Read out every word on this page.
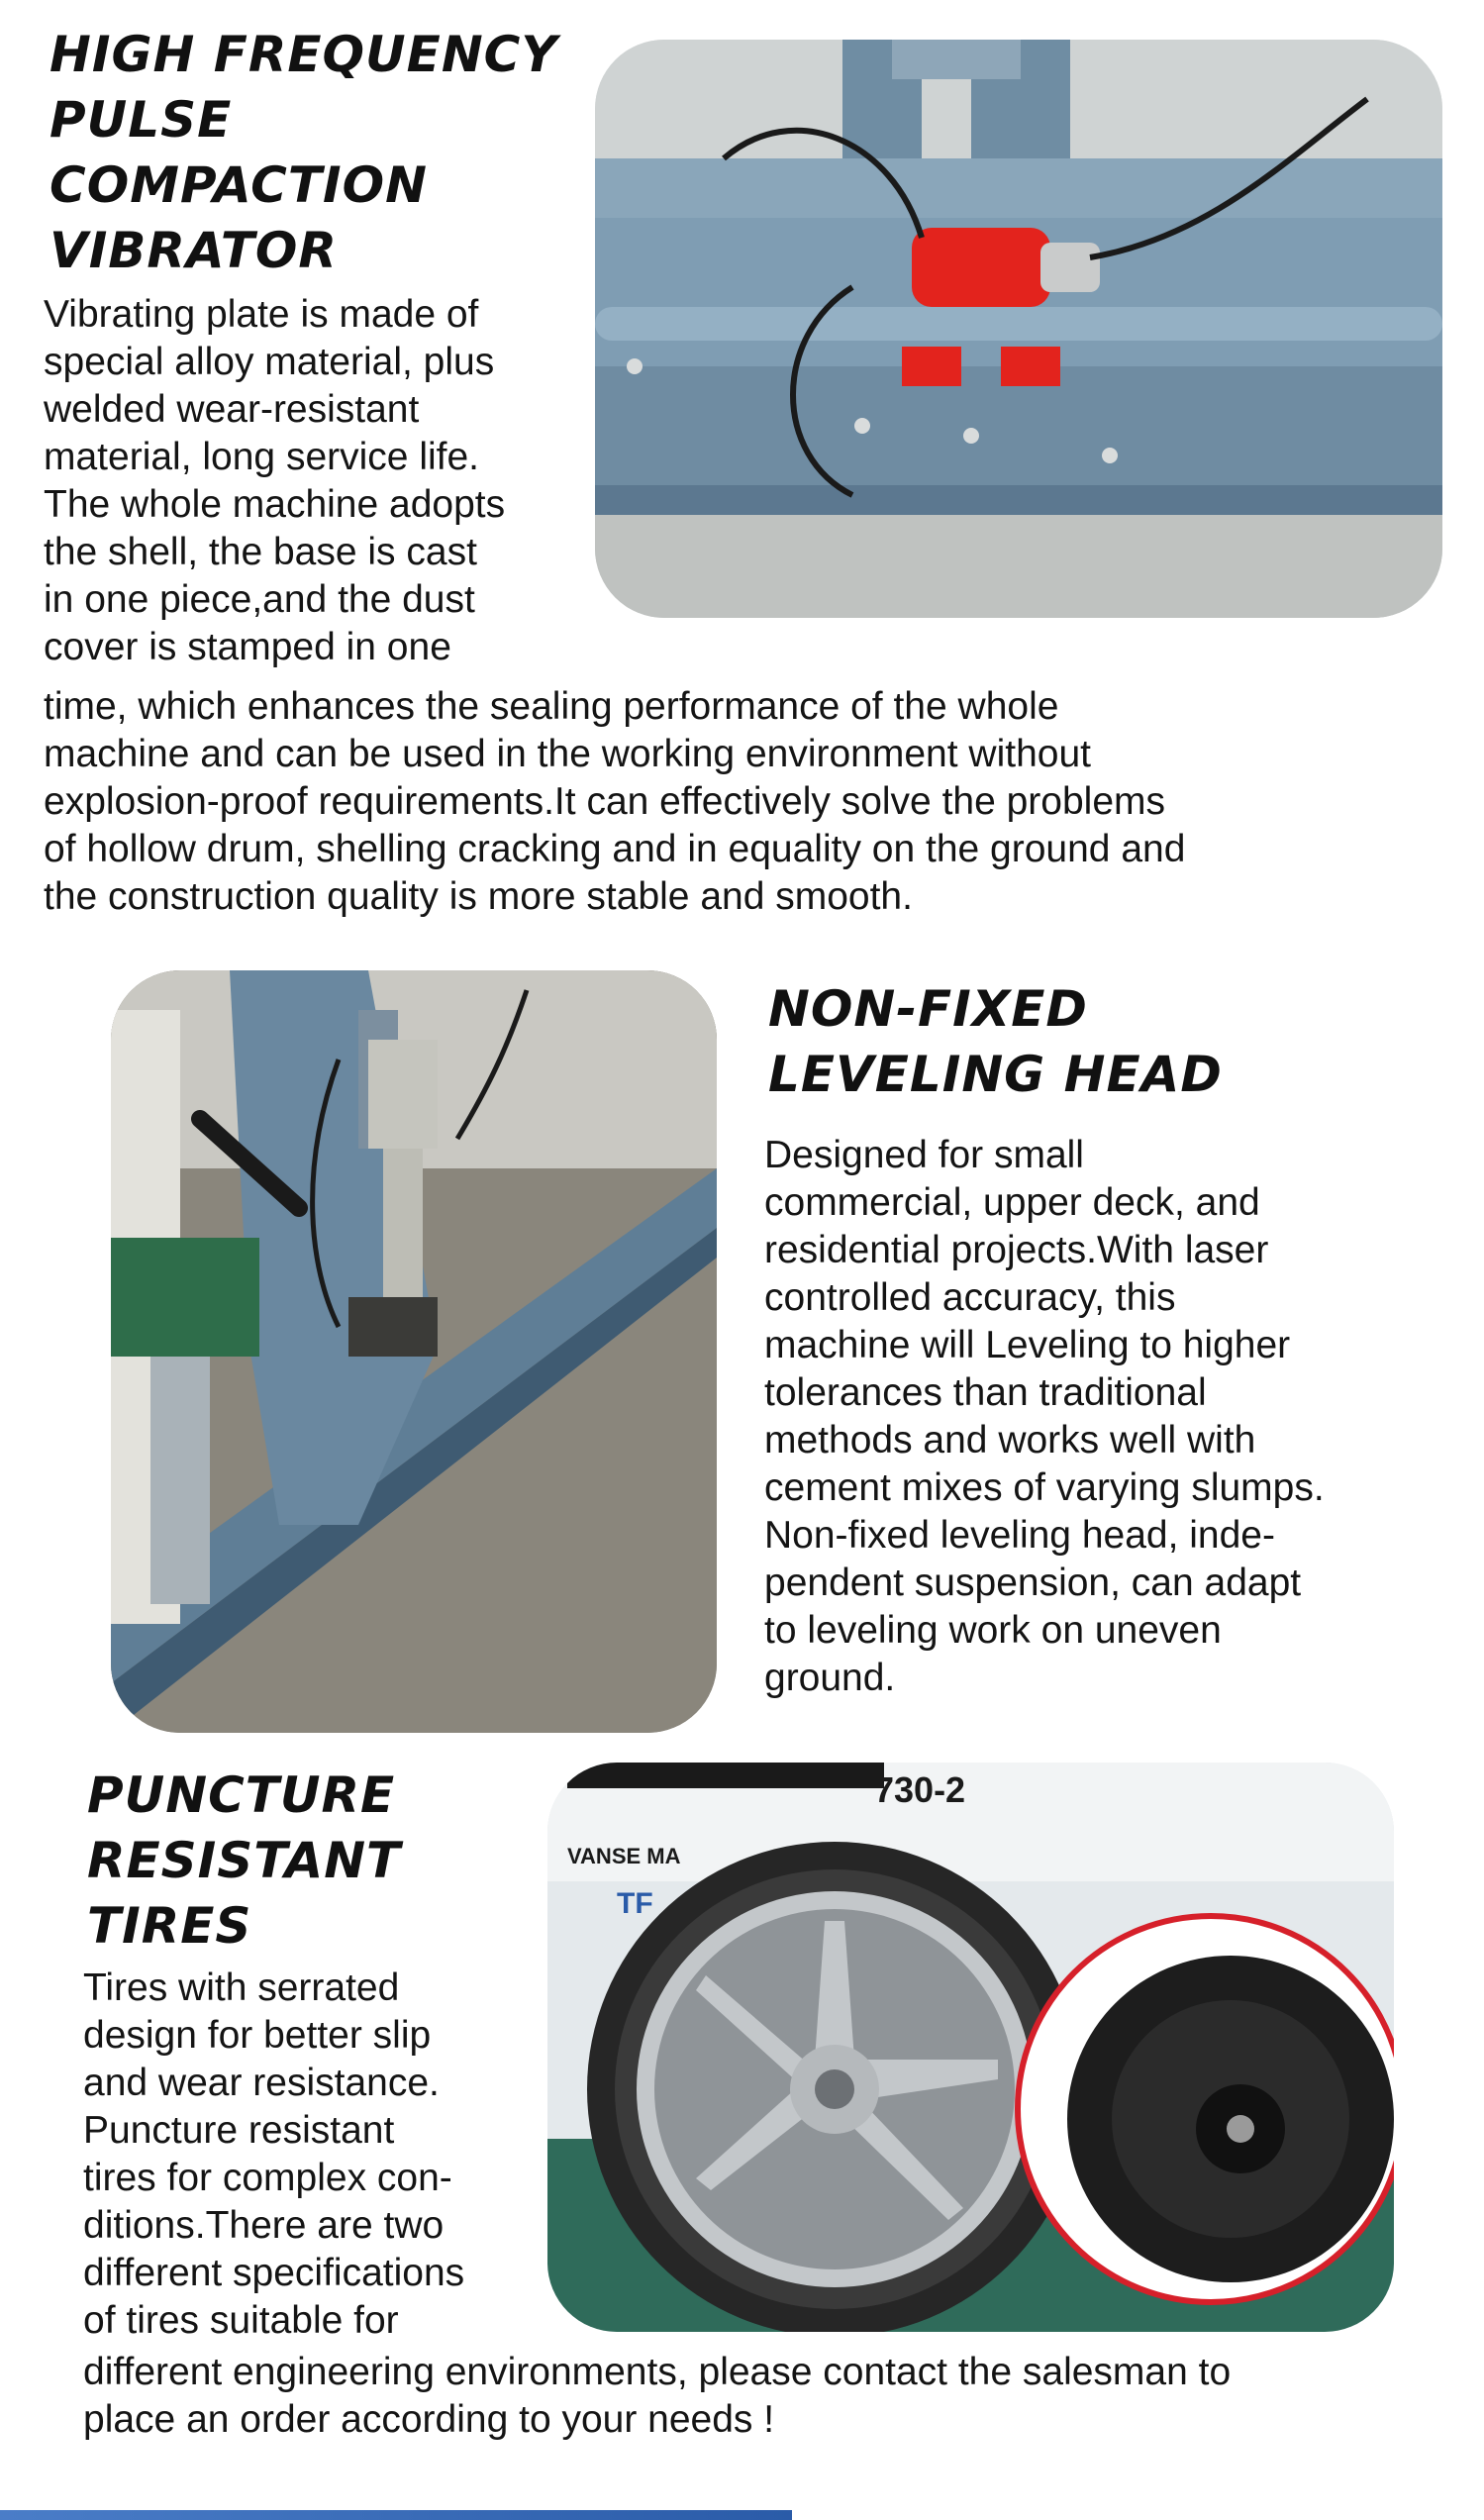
HIGH FREQUENCY
PULSE
COMPACTION
VIBRATOR

Vibrating plate is made of
special alloy material, plus
welded wear-resistant
material, long service life.
The whole machine adopts
the shell, the base is cast
in one piece,and the dust
cover is stamped in one

time, which enhances the sealing performance of the whole
machine and can be used in the working environment without
explosion-proof requirements.It can effectively solve the problems
of hollow drum, shelling cracking and in equality on the ground and
the construction quality is more stable and smooth.

NON-FIXED
LEVELING HEAD

Designed for small
commercial, upper deck, and
residential projects.With laser
controlled accuracy, this
machine will Leveling to higher
tolerances than traditional
methods and works well with
cement mixes of varying slumps.
Non-fixed leveling head, inde-
pendent suspension, can adapt
to leveling work on uneven
ground.

PUNCTURE
RESISTANT
TIRES
VANSE MA
730-2
TF

Tires with serrated
design for better slip
and wear resistance.
Puncture resistant
tires for complex con-
ditions.There are two
different specifications
of tires suitable for

different engineering environments, please contact the salesman to
place an order according to your needs !
